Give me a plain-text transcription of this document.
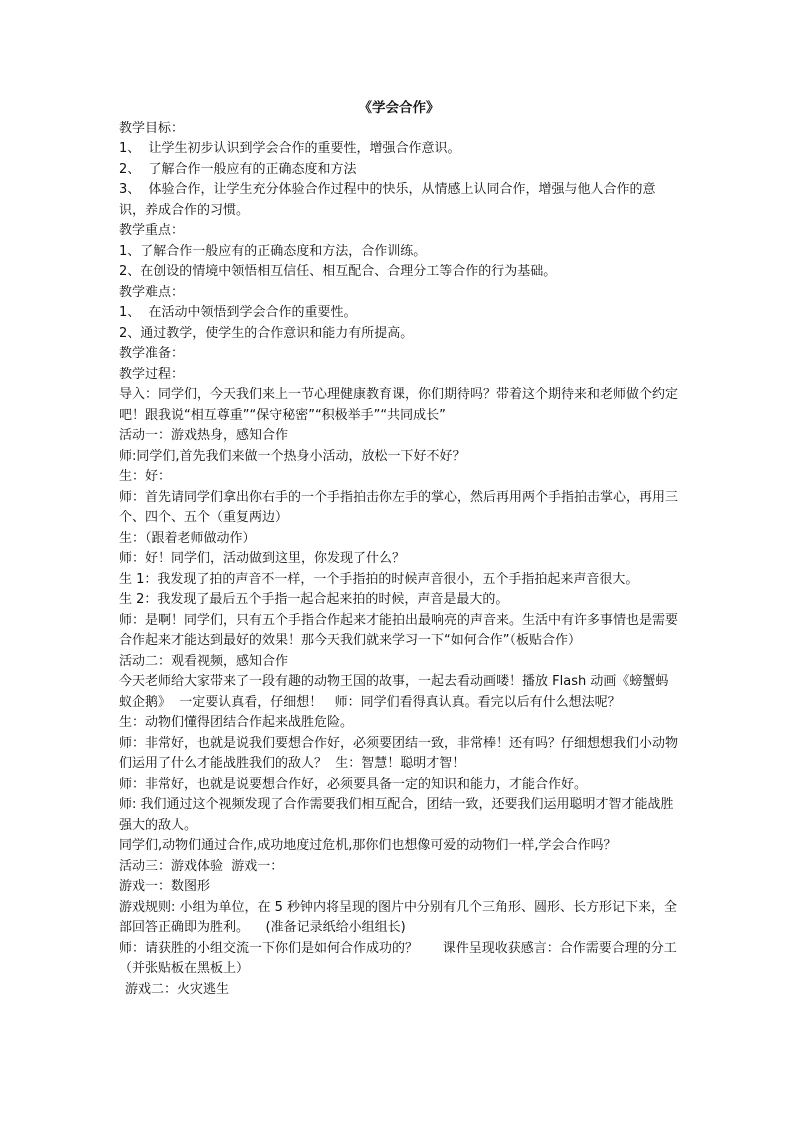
《学会合作》

教学目标：

1、  让学生初步认识到学会合作的重要性，增强合作意识。

2、  了解合作一般应有的正确态度和方法

3、  体验合作，让学生充分体验合作过程中的快乐，从情感上认同合作，增强与他人合作的意识，养成合作的习惯。

教学重点：

1、了解合作一般应有的正确态度和方法，合作训练。

2、在创设的情境中领悟相互信任、相互配合、合理分工等合作的行为基础。

教学难点：

1、  在活动中领悟到学会合作的重要性。

2、通过教学，使学生的合作意识和能力有所提高。

教学准备：

教学过程：

导入：同学们，今天我们来上一节心理健康教育课，你们期待吗？带着这个期待来和老师做个约定吧！跟我说“相互尊重”“保守秘密”“积极举手”“共同成长”

活动一：游戏热身，感知合作

师:同学们,首先我们来做一个热身小活动，放松一下好不好？

生：好：

师：首先请同学们拿出你右手的一个手指拍击你左手的掌心，然后再用两个手指拍击掌心，再用三个、四个、五个（重复两边）

生：（跟着老师做动作）

师：好！同学们，活动做到这里，你发现了什么？

生 1：我发现了拍的声音不一样，一个手指拍的时候声音很小，五个手指拍起来声音很大。

生 2：我发现了最后五个手指一起合起来拍的时候，声音是最大的。

师：是啊！同学们，只有五个手指合作起来才能拍出最响亮的声音来。生活中有许多事情也是需要合作起来才能达到最好的效果！那今天我们就来学习一下“如何合作”（板贴合作）

活动二：观看视频，感知合作

今天老师给大家带来了一段有趣的动物王国的故事，一起去看动画喽！播放 Flash 动画《螃蟹蚂蚁企鹅》  一定要认真看，仔细想！   师：同学们看得真认真。看完以后有什么想法呢？

生：动物们懂得团结合作起来战胜危险。

师：非常好，也就是说我们要想合作好，必须要团结一致，非常棒！还有吗？仔细想想我们小动物们运用了什么才能战胜我们的敌人？  生：智慧！聪明才智！

师：非常好，也就是说要想合作好，必须要具备一定的知识和能力，才能合作好。

师: 我们通过这个视频发现了合作需要我们相互配合，团结一致，还要我们运用聪明才智才能战胜强大的敌人。

同学们,动物们通过合作,成功地度过危机,那你们也想像可爱的动物们一样,学会合作吗？

活动三：游戏体验  游戏一：

游戏一：数图形

游戏规则: 小组为单位，在 5 秒钟内将呈现的图片中分别有几个三角形、圆形、长方形记下来，全部回答正确即为胜利。    (准备记录纸给小组组长)

师：请获胜的小组交流一下你们是如何合作成功的？      课件呈现收获感言：合作需要合理的分工（并张贴板在黑板上）

游戏二：火灾逃生
